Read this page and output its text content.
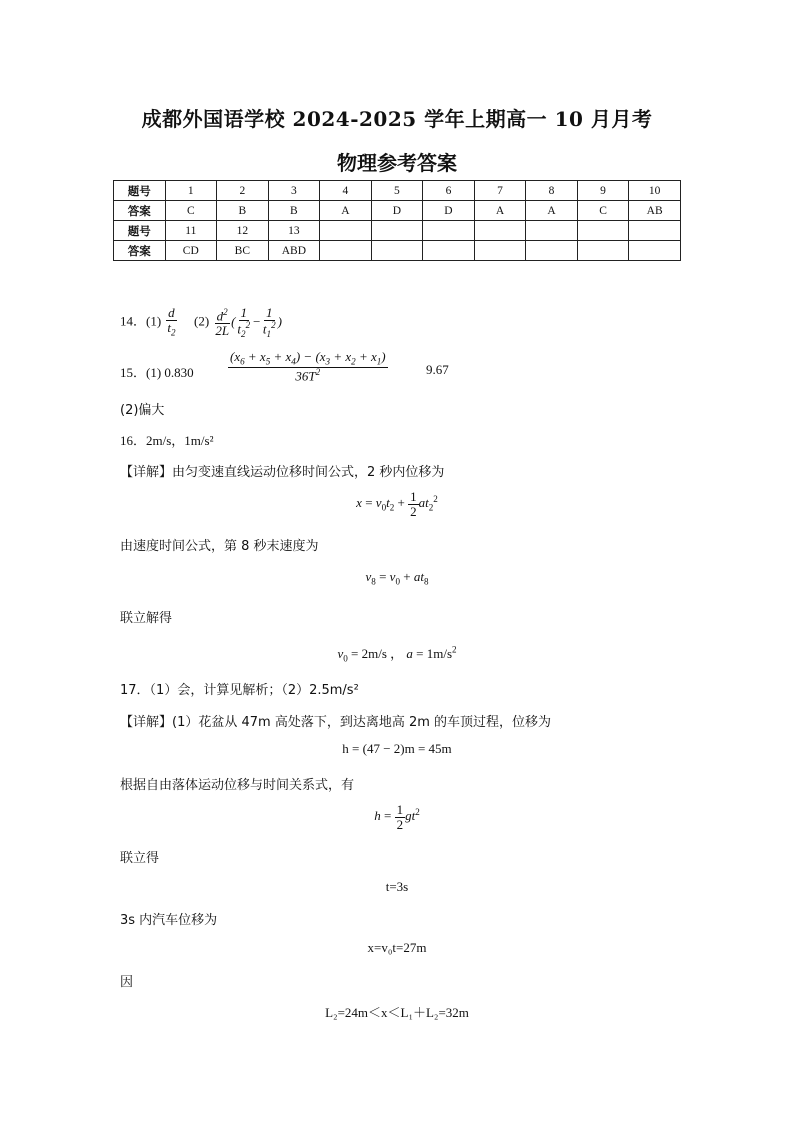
成都外国语学校 2024-2025 学年上期高一 10 月月考
物理参考答案
题号	1	2	3	4	5	6	7	8	9	10
答案	C	B	B	A	D	D	A	A	C	AB
题号	11	12	13							
答案	CD	BC	ABD							
14．$(1) \frac{d}{t_2} (2) \frac{d^2}{2L}$ ( $\frac{1}{t_2^2} - \frac{1}{t_1^2}$ )
15．(1) 0.830	$\frac{(x_6 + x_5 + x_4) - (x_3 + x_2 + x_1)}{36T^2}$	9.67
(2)偏大
16．2m/s，1m/s²
【详解】由匀变速直线运动位移时间公式，2 秒内位移为
$x = v_0t_2 + \frac{1}{2} at_2^2$
由速度时间公式，第 8 秒末速度为
$v_8 = v_0 + at_8$
联立解得
$v_0 = 2m/s$ ， $a = 1m/s^2$
17．（1）会，计算见解析；（2）2.5m/s²
【详解】(1）花盆从 47m 高处落下，到达离地高 2m 的车顶过程，位移为
h = (47 − 2)m = 45m
根据自由落体运动位移与时间关系式，有
$h = \frac{1}{2} gt^2$
联立得
t=3s
3s 内汽车位移为
x=v₀t=27m
因
L₂=24m＜x＜L₁＋L₂=32m
